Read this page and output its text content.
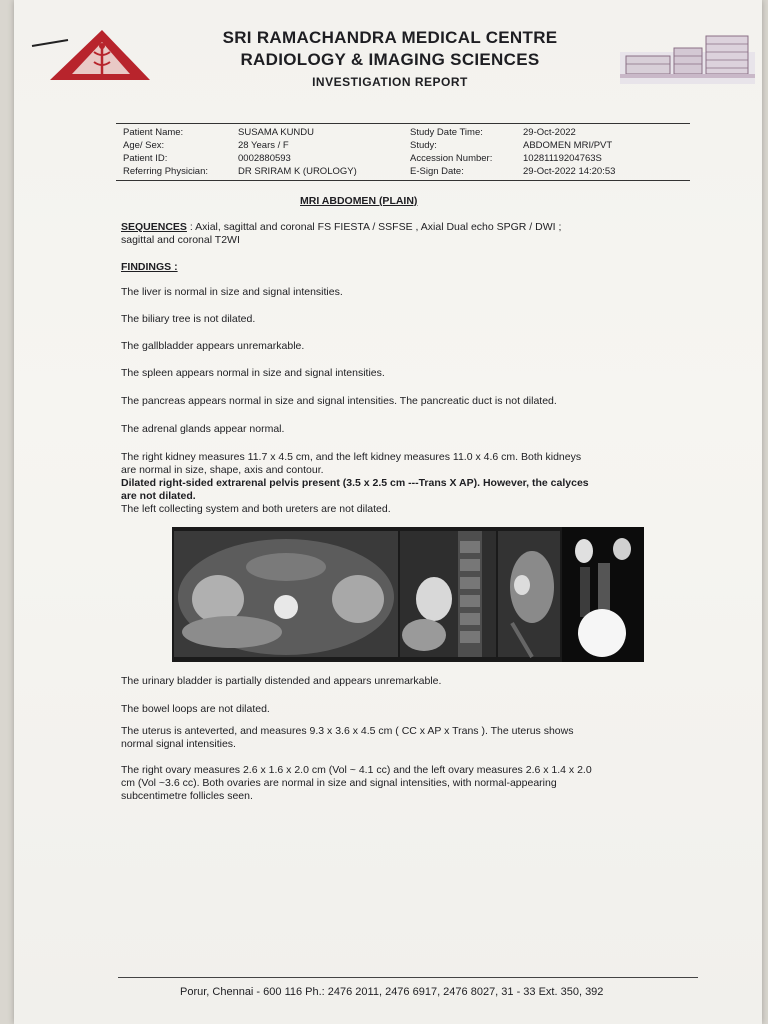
SRI RAMACHANDRA MEDICAL CENTRE
RADIOLOGY & IMAGING SCIENCES
INVESTIGATION REPORT
Patient Name:
Age/ Sex:
Patient ID:
Referring Physician:
SUSAMA KUNDU
28 Years / F
0002880593
DR SRIRAM K (UROLOGY)
Study Date Time:
Study:
Accession Number:
E-Sign Date:
29-Oct-2022
ABDOMEN MRI/PVT
10281119204763S
29-Oct-2022 14:20:53
MRI ABDOMEN (PLAIN)
SEQUENCES : Axial, sagittal and coronal FS FIESTA / SSFSE , Axial Dual echo SPGR / DWI ;
sagittal and coronal T2WI
FINDINGS :
The liver is normal in size and signal intensities.
The biliary tree is not dilated.
The gallbladder appears unremarkable.
The spleen appears normal in size and signal intensities.
The pancreas appears normal in size and signal intensities. The pancreatic duct is not dilated.
The adrenal glands appear normal.
The right kidney measures 11.7 x 4.5 cm, and the left kidney measures 11.0 x 4.6 cm. Both kidneys
are normal in size, shape, axis and contour.
Dilated right-sided extrarenal pelvis present (3.5 x 2.5 cm ---Trans X AP). However, the calyces
are not dilated.
The left collecting system and both ureters are not dilated.
The urinary bladder is partially distended and appears unremarkable.
The bowel loops are not dilated.
The uterus is anteverted, and measures 9.3 x 3.6 x 4.5 cm ( CC x AP x Trans ). The uterus shows
normal signal intensities.
The right ovary measures 2.6 x 1.6 x 2.0 cm (Vol ~ 4.1 cc) and the left ovary measures 2.6 x 1.4 x 2.0
cm (Vol ~3.6 cc). Both ovaries are normal in size and signal intensities, with normal-appearing
subcentimetre follicles seen.
Porur, Chennai - 600 116 Ph.: 2476 2011, 2476 6917, 2476 8027, 31 - 33 Ext. 350, 392
